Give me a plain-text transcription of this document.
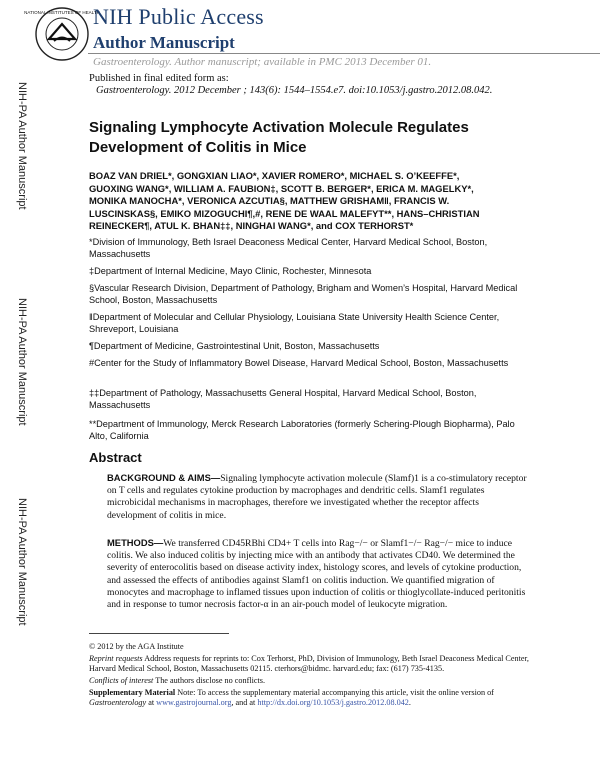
NATIONAL INSTITUTES OF HEALTH
NIH Public Access
Author Manuscript
Gastroenterology. Author manuscript; available in PMC 2013 December 01.
Published in final edited form as:
Gastroenterology. 2012 December ; 143(6): 1544–1554.e7. doi:10.1053/j.gastro.2012.08.042.
NIH-PA Author Manuscript
NIH-PA Author Manuscript
NIH-PA Author Manuscript
Signaling Lymphocyte Activation Molecule Regulates
Development of Colitis in Mice
BOAZ VAN DRIEL*, GONGXIAN LIAO*, XAVIER ROMERO*, MICHAEL S. O’KEEFFE*,
GUOXING WANG*, WILLIAM A. FAUBION‡, SCOTT B. BERGER*, ERICA M. MAGELKY*,
MONIKA MANOCHA*, VERONICA AZCUTIA§, MATTHEW GRISHAM‖, FRANCIS W.
LUSCINSKAS§, EMIKO MIZOGUCHI¶,#, RENE DE WAAL MALEFYT**, HANS–CHRISTIAN
REINECKER¶, ATUL K. BHAN‡‡, NINGHAI WANG*, and COX TERHORST*
*Division of Immunology, Beth Israel Deaconess Medical Center, Harvard Medical School, Boston, Massachusetts
‡Department of Internal Medicine, Mayo Clinic, Rochester, Minnesota
§Vascular Research Division, Department of Pathology, Brigham and Women’s Hospital, Harvard Medical School, Boston, Massachusetts
‖Department of Molecular and Cellular Physiology, Louisiana State University Health Science Center, Shreveport, Louisiana
¶Department of Medicine, Gastrointestinal Unit, Boston, Massachusetts
#Center for the Study of Inflammatory Bowel Disease, Harvard Medical School, Boston, Massachusetts
‡‡Department of Pathology, Massachusetts General Hospital, Harvard Medical School, Boston, Massachusetts
**Department of Immunology, Merck Research Laboratories (formerly Schering-Plough Biopharma), Palo Alto, California
Abstract
BACKGROUND & AIMS—Signaling lymphocyte activation molecule (Slamf)1 is a co-stimulatory receptor on T cells and regulates cytokine production by macrophages and dendritic cells. Slamf1 regulates microbicidal mechanisms in macrophages, therefore we investigated whether the receptor affects development of colitis in mice.
METHODS—We transferred CD45RBhi CD4+ T cells into Rag−/− or Slamf1−/− Rag−/− mice to induce colitis. We also induced colitis by injecting mice with an antibody that activates CD40. We determined the severity of enterocolitis based on disease activity index, histology scores, and levels of cytokine production, and assessed the effects of antibodies against Slamf1 on colitis induction. We quantified migration of monocytes and macrophage to inflamed tissues upon induction of colitis or thioglycollate-induced peritonitis and in response to tumor necrosis factor-α in an air-pouch model of leukocyte migration.
© 2012 by the AGA Institute
Reprint requests Address requests for reprints to: Cox Terhorst, PhD, Division of Immunology, Beth Israel Deaconess Medical Center, Harvard Medical School, Boston, Massachusetts 02115. cterhors@bidmc. harvard.edu; fax: (617) 735-4135.
Conflicts of interest The authors disclose no conflicts.
Supplementary Material Note: To access the supplementary material accompanying this article, visit the online version of
Gastroenterology at www.gastrojournal.org, and at http://dx.doi.org/10.1053/j.gastro.2012.08.042.
